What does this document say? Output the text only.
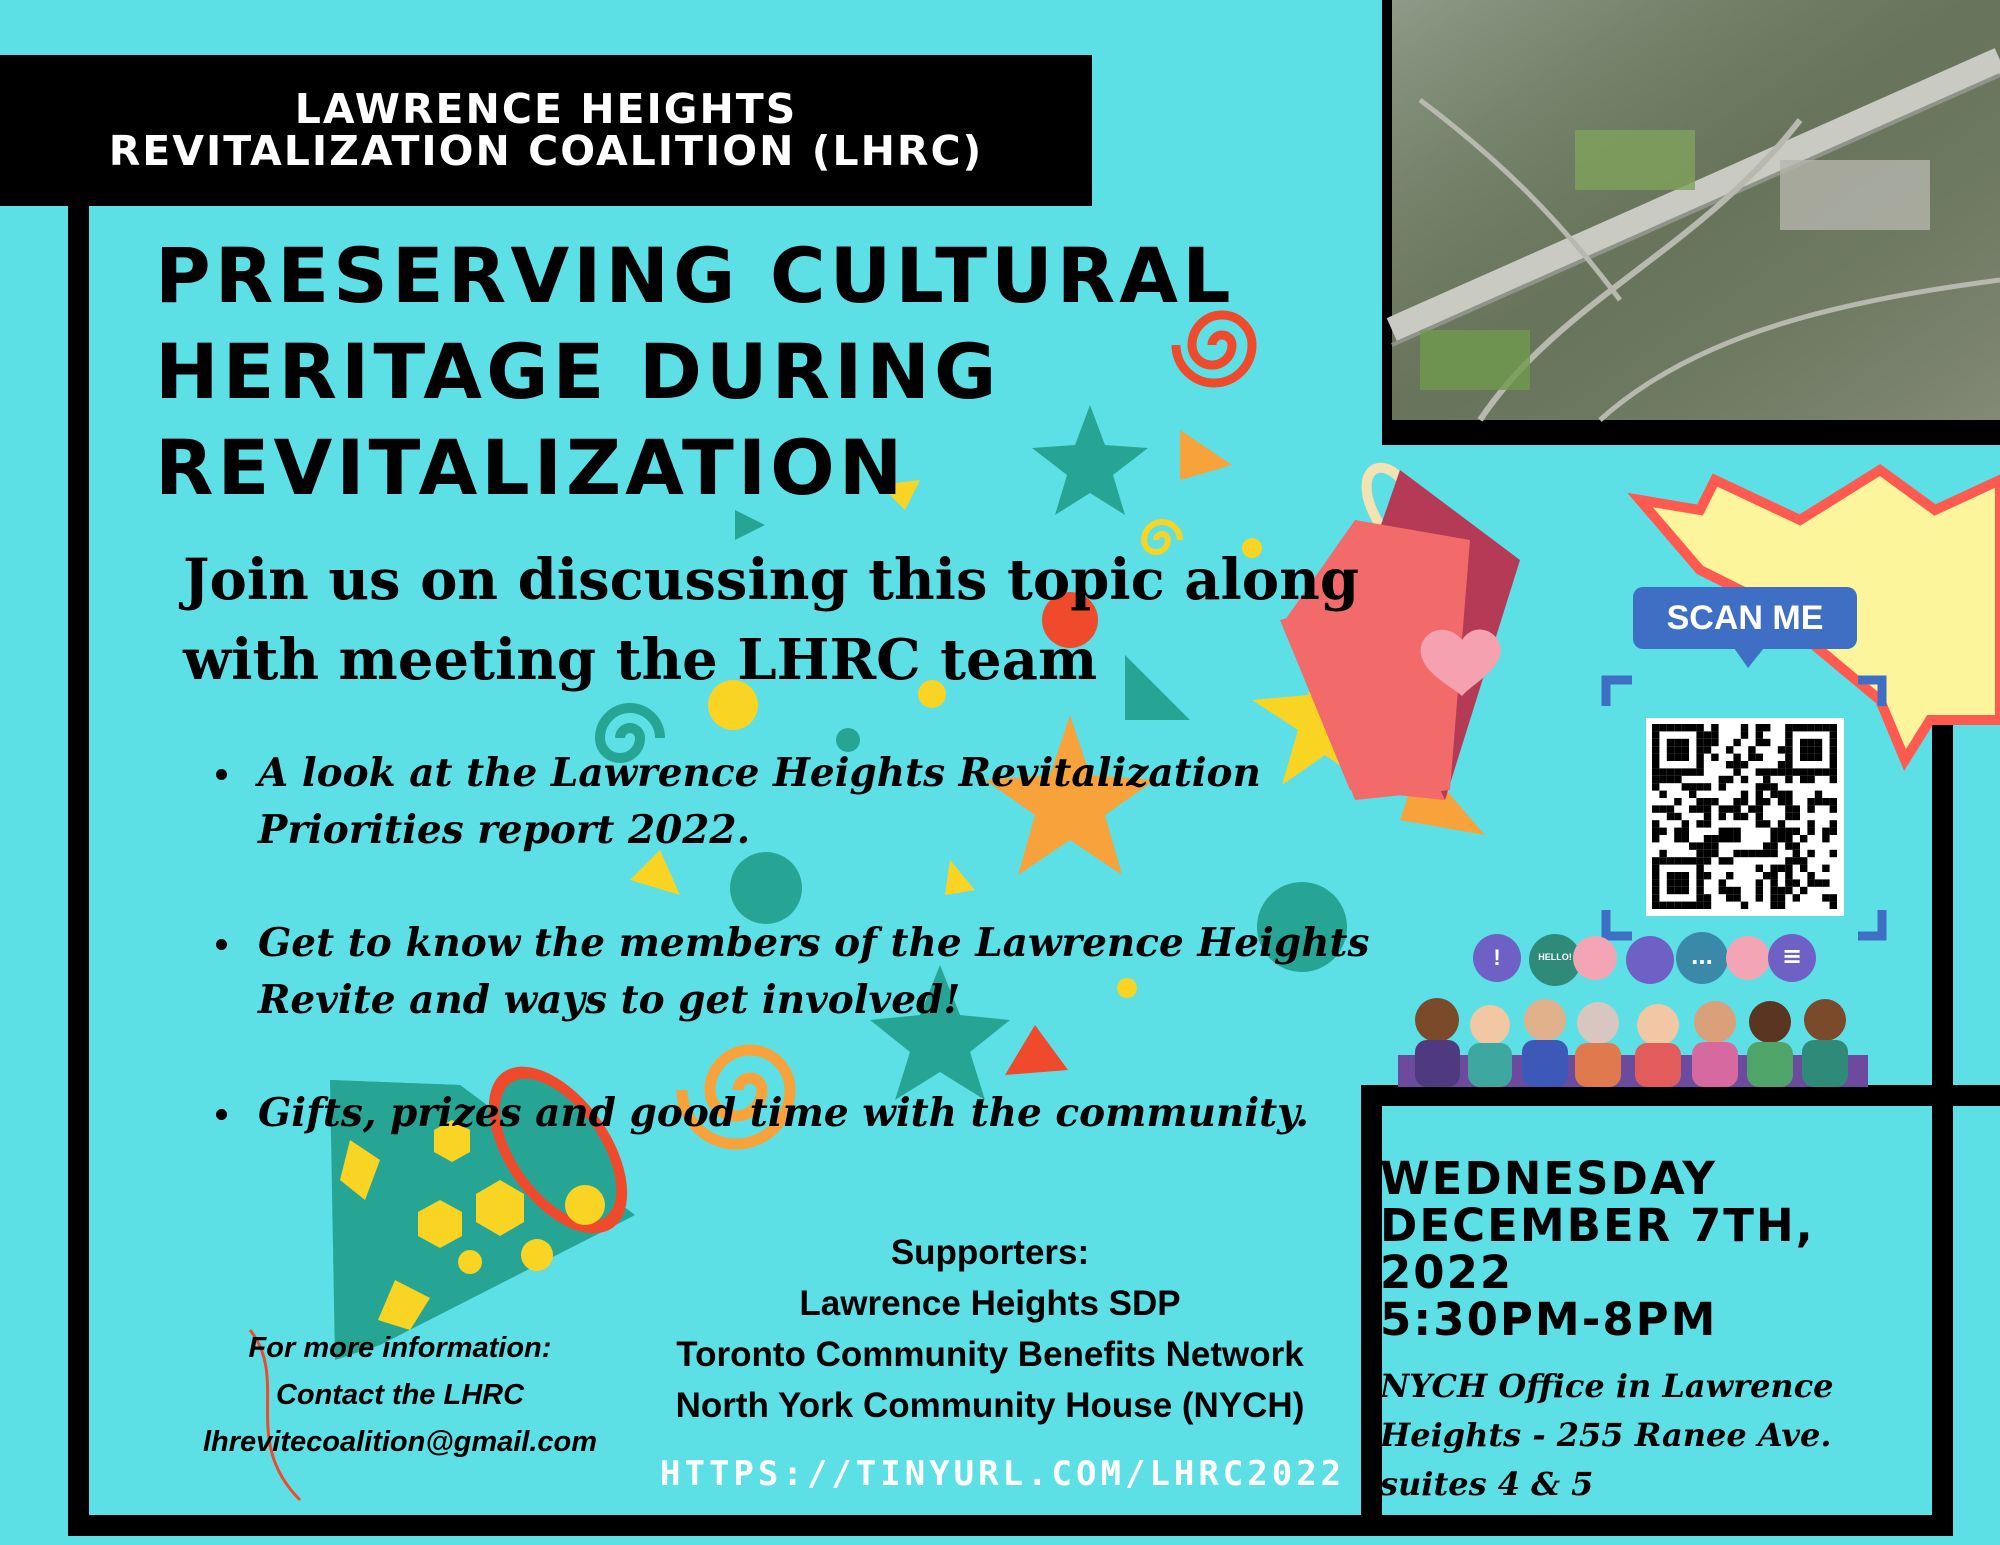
LAWRENCE HEIGHTS
REVITALIZATION COALITION (LHRC)
PRESERVING CULTURAL
HERITAGE DURING
REVITALIZATION
Join us on discussing this topic along
with meeting the LHRC team
A look at the Lawrence Heights Revitalization
Priorities report 2022.
Get to know the members of the Lawrence Heights
Revite and ways to get involved!
Gifts, prizes and good time with the community.
SCAN ME
!	HELLO!	...	≡
Supporters:
Lawrence Heights SDP
Toronto Community Benefits Network
North York Community House (NYCH)
For more information:
Contact the LHRC
lhrevitecoalition@gmail.com
HTTPS://TINYURL.COM/LHRC2022
WEDNESDAY
DECEMBER 7TH,
2022
5:30PM-8PM
NYCH Office in Lawrence
Heights - 255 Ranee Ave.
suites 4 & 5
